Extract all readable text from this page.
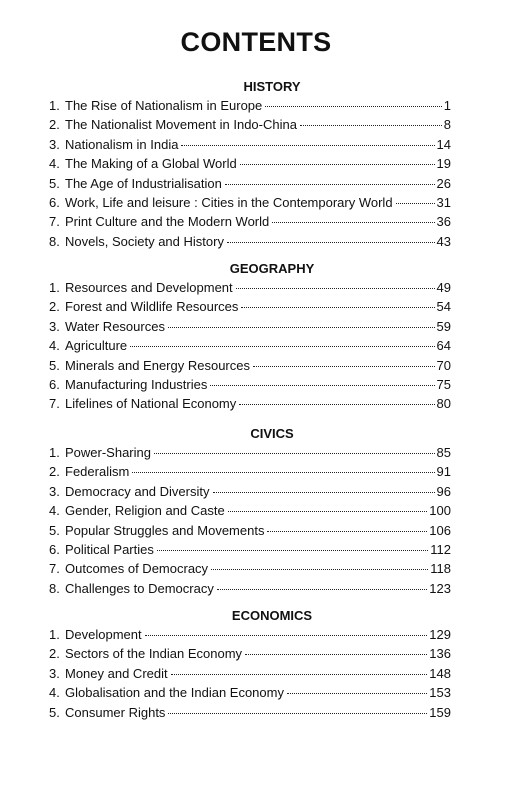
CONTENTS
HISTORY
1. The Rise of Nationalism in Europe	1
2. The Nationalist Movement in Indo-China	8
3. Nationalism in India	14
4. The Making of a Global World	19
5. The Age of Industrialisation	26
6. Work, Life and leisure : Cities in the Contemporary World	31
7. Print Culture and the Modern World	36
8. Novels, Society and History	43
GEOGRAPHY
1. Resources and Development	49
2. Forest and Wildlife Resources	54
3. Water Resources	59
4. Agriculture	64
5. Minerals and Energy Resources	70
6. Manufacturing Industries	75
7. Lifelines of National Economy	80
CIVICS
1. Power-Sharing	85
2. Federalism	91
3. Democracy and Diversity	96
4. Gender, Religion and Caste	100
5. Popular Struggles and Movements	106
6. Political Parties	112
7. Outcomes of Democracy	118
8. Challenges to Democracy	123
ECONOMICS
1. Development	129
2. Sectors of the Indian Economy	136
3. Money and Credit	148
4. Globalisation and the Indian Economy	153
5. Consumer Rights	159
